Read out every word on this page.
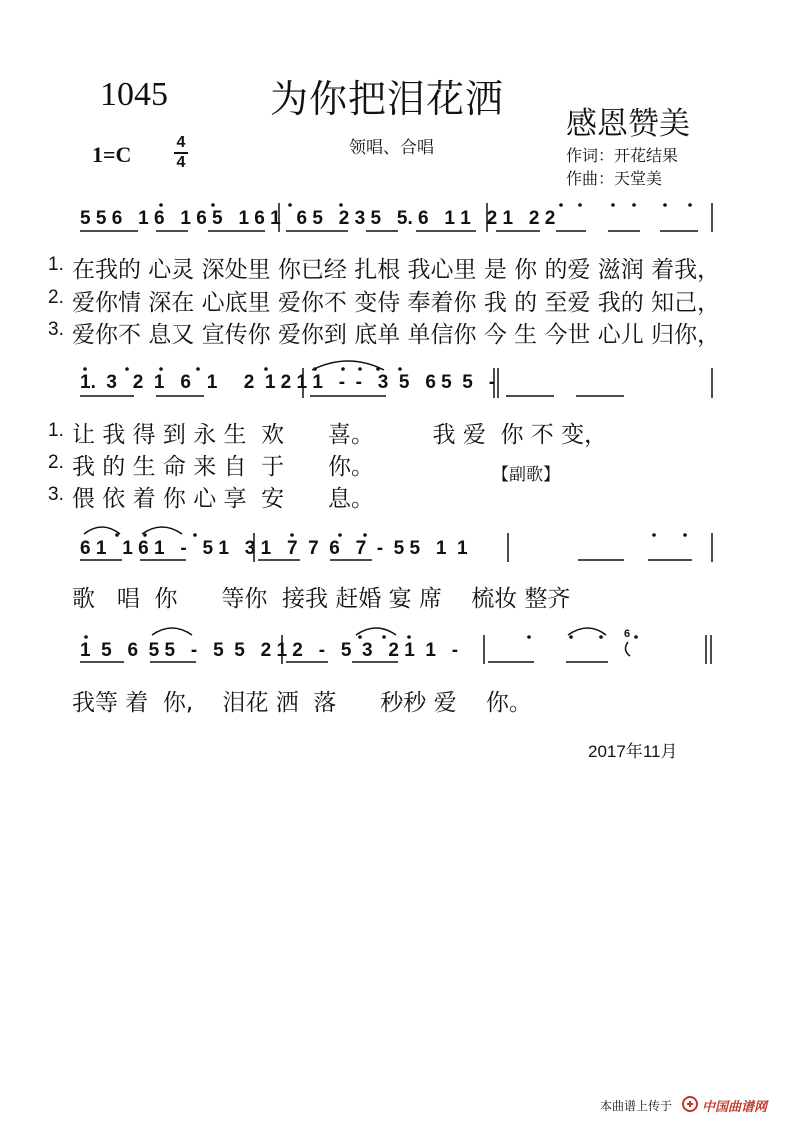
1045	为你把泪花洒
领唱、合唱
感恩赞美
作词：开花结果
作曲：天堂美
1=C	4
4
5 5 6   1 6   1 6 5   1 6 1   6 5   2 3 5   5. 6   1 1   2 1   2 2
1. 在我的 心灵 深处里 你已经 扎根 我心里 是 你 的爱 滋润 着我，
2. 爱你情 深在 心底里 爱你不 变侍 奉着你 我 的 至爱 我的 知己，
3. 爱你不 息又 宣传你 爱你到 底单 单信你 今 生 今世 心儿 归你，
1.  3   2  1   6   1     2  1 2 1 1   -  -   3  5   6 5  5   -
1. 让 我 得 到 永 生  欢      喜。        我 爱  你 不 变，
2. 我 的 生 命 来 自  于      你。
3. 偎 依 着 你 心 享  安      息。
【副歌】
6 1   1 6 1   -   5 1   3 1   7  7  6   7  -  5 5   1  1
歌   唱  你      等你  接我 赶婚 宴 席    梳妆 整齐
1  5   6  5 5   -   5  5   2 1 2   -   5  3   2 1  1   -
6
我等 着  你,    泪花 洒  落      秒秒 爱    你。
2017年11月
本曲谱上传于 中国曲谱网
